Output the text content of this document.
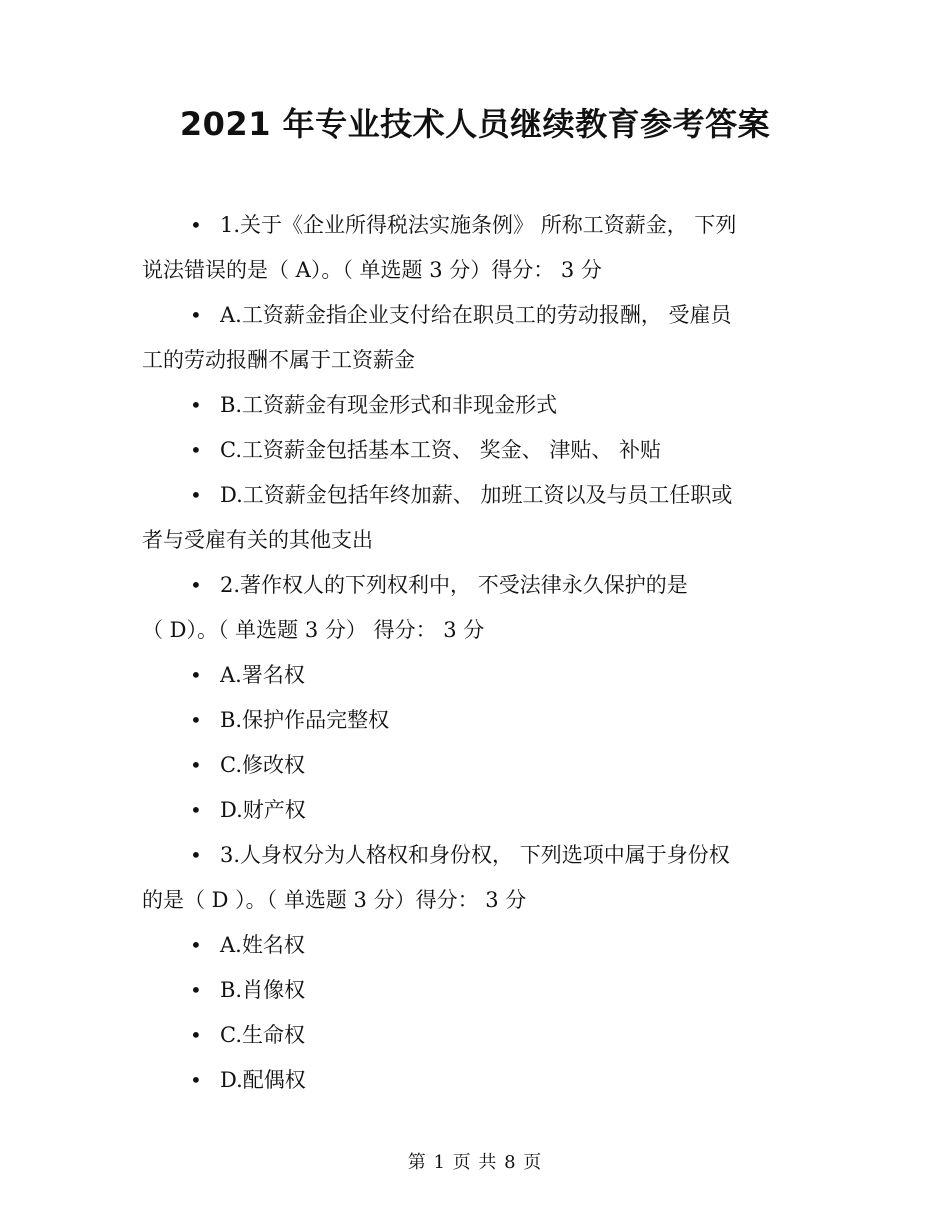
2021 年专业技术人员继续教育参考答案
• 1.关于《企业所得税法实施条例》 所称工资薪金， 下列
说法错误的是（ A）。（ 单选题 3 分）得分： 3 分
• A.工资薪金指企业支付给在职员工的劳动报酬， 受雇员
工的劳动报酬不属于工资薪金
• B.工资薪金有现金形式和非现金形式
• C.工资薪金包括基本工资、 奖金、 津贴、 补贴
• D.工资薪金包括年终加薪、 加班工资以及与员工任职或
者与受雇有关的其他支出
• 2.著作权人的下列权利中， 不受法律永久保护的是
（ D）。（ 单选题 3 分） 得分： 3 分
• A.署名权
• B.保护作品完整权
• C.修改权
• D.财产权
• 3.人身权分为人格权和身份权， 下列选项中属于身份权
的是（ D ）。（ 单选题 3 分）得分： 3 分
• A.姓名权
• B.肖像权
• C.生命权
• D.配偶权
第 1 页 共 8 页
